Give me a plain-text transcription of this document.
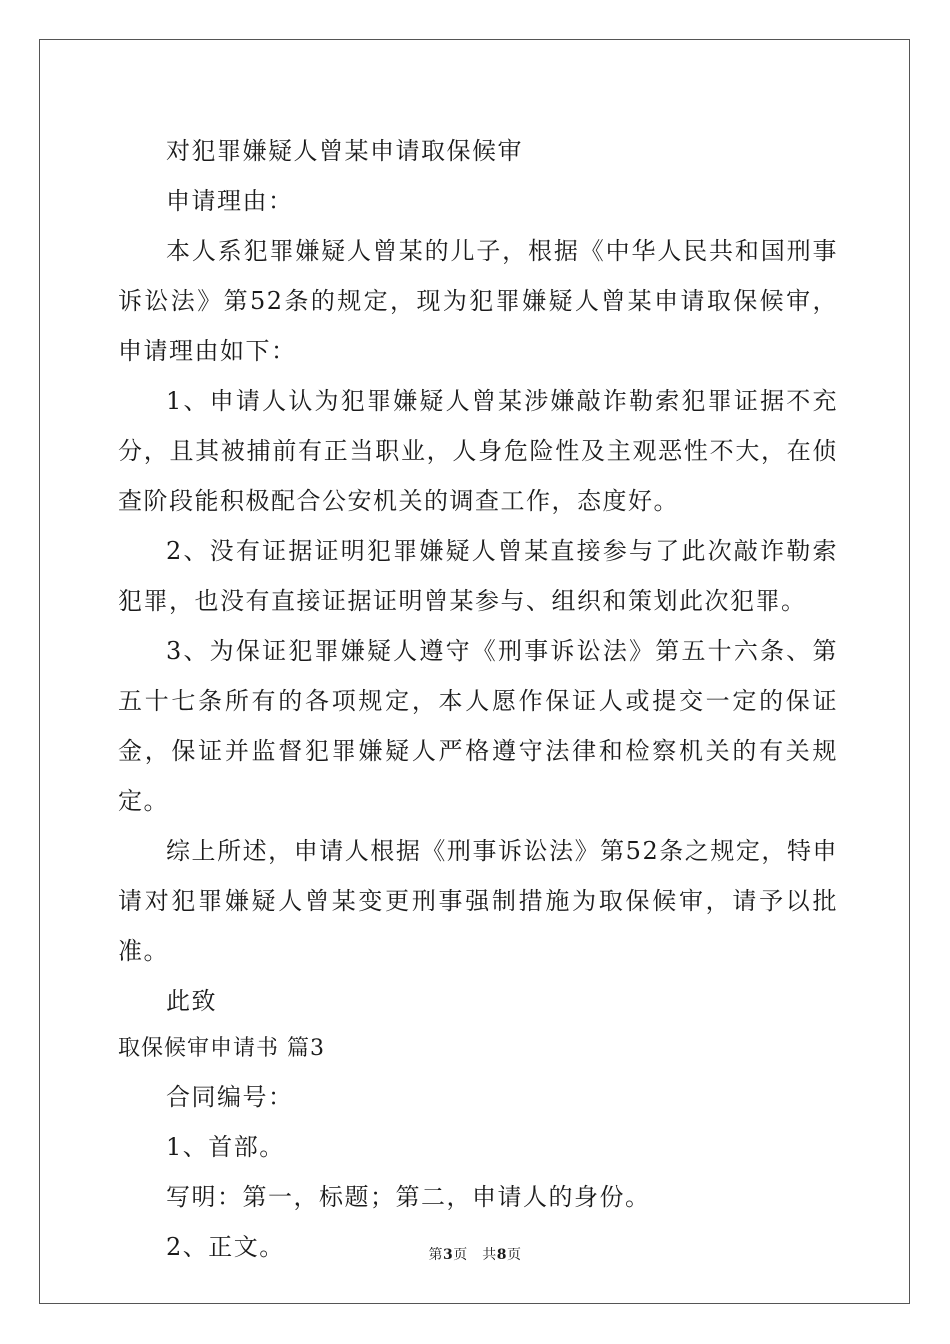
对犯罪嫌疑人曾某申请取保候审

申请理由：

本人系犯罪嫌疑人曾某的儿子，根据《中华人民共和国刑事诉讼法》第52条的规定，现为犯罪嫌疑人曾某申请取保候审，申请理由如下：

1、申请人认为犯罪嫌疑人曾某涉嫌敲诈勒索犯罪证据不充分，且其被捕前有正当职业，人身危险性及主观恶性不大，在侦查阶段能积极配合公安机关的调查工作，态度好。

2、没有证据证明犯罪嫌疑人曾某直接参与了此次敲诈勒索犯罪，也没有直接证据证明曾某参与、组织和策划此次犯罪。

3、为保证犯罪嫌疑人遵守《刑事诉讼法》第五十六条、第五十七条所有的各项规定，本人愿作保证人或提交一定的保证金，保证并监督犯罪嫌疑人严格遵守法律和检察机关的有关规定。

综上所述，申请人根据《刑事诉讼法》第52条之规定，特申请对犯罪嫌疑人曾某变更刑事强制措施为取保候审，请予以批准。

此致

取保候审申请书 篇3

合同编号：

1、首部。

写明：第一，标题；第二，申请人的身份。

2、正文。	第3页　共8页
